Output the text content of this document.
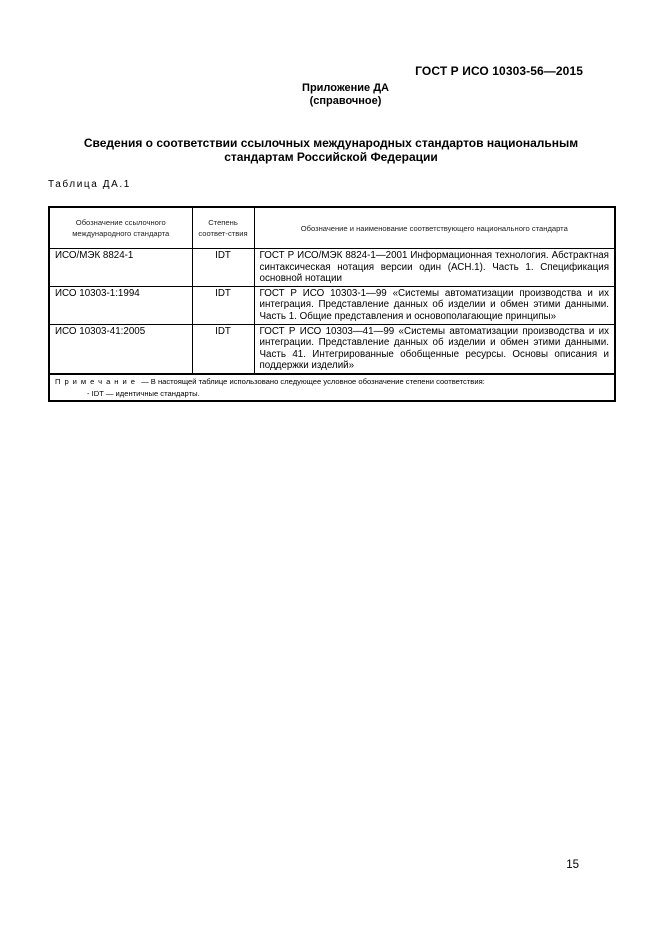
ГОСТ Р ИСО 10303-56—2015
Приложение ДА
(справочное)
Сведения о соответствии ссылочных международных стандартов национальным стандартам Российской Федерации
Таблица ДА.1
Обозначение ссылочного международного стандарта	Степень соответ-ствия	Обозначение и наименование соответствующего национального стандарта
ИСО/МЭК 8824-1	IDT	ГОСТ Р ИСО/МЭК 8824-1—2001 Информационная технология. Абстрактная синтаксическая нотация версии один (АСН.1). Часть 1. Спецификация основной нотации
ИСО 10303-1:1994	IDT	ГОСТ Р ИСО 10303-1—99 «Системы автоматизации производства и их интеграция. Представление данных об изделии и обмен этими данными. Часть 1. Общие представления и основополагающие принципы»
ИСО 10303-41:2005	IDT	ГОСТ Р ИСО 10303—41—99 «Системы автоматизации производства и их интеграции. Представление данных об изделии и обмен этими данными. Часть 41. Интегрированные обобщенные ресурсы. Основы описания и поддержки изделий»
Примечание — В настоящей таблице использовано следующее условное обозначение степени соответствия:
- IDT — идентичные стандарты.		
15
